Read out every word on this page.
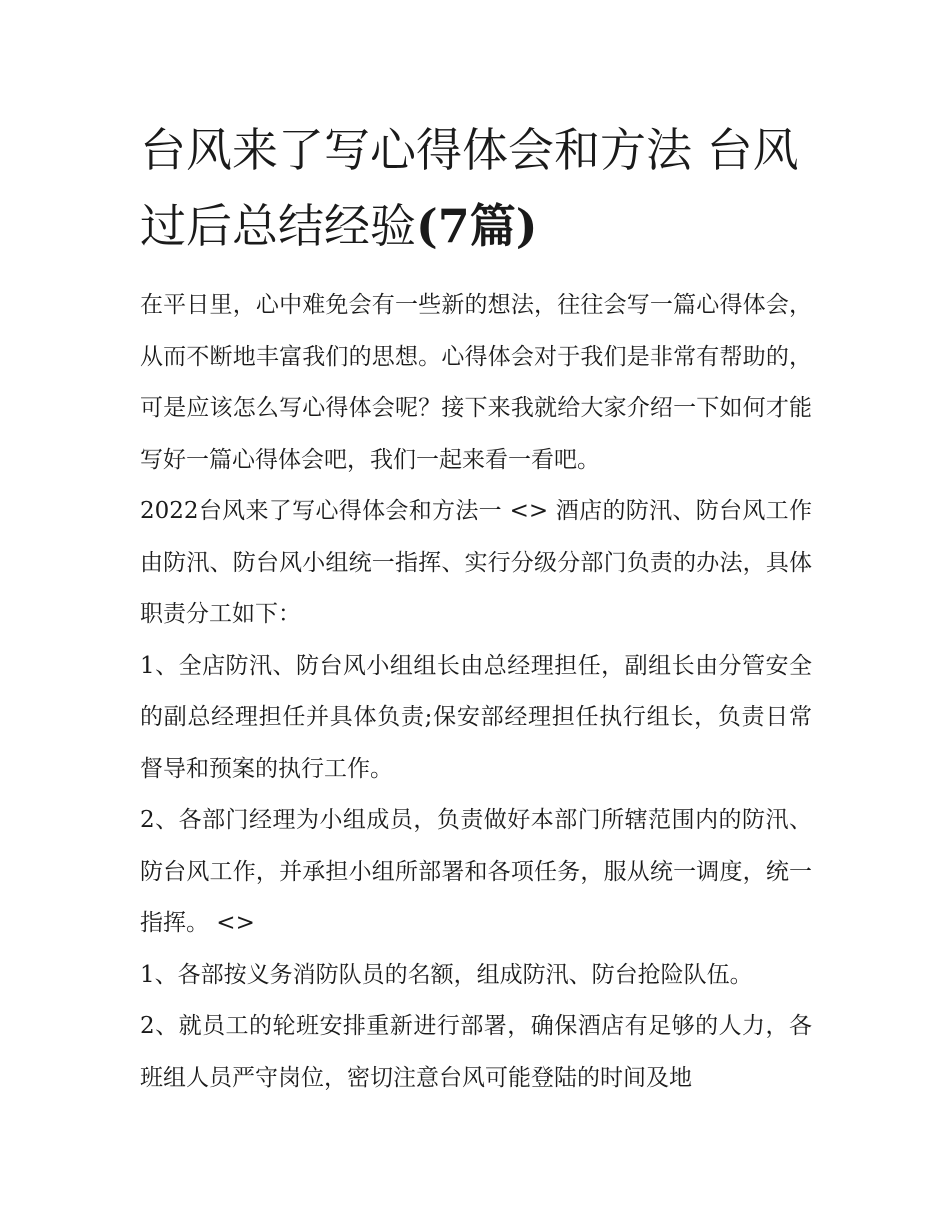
台风来了写心得体会和方法 台风过后总结经验(7篇)

在平日里，心中难免会有一些新的想法，往往会写一篇心得体会，从而不断地丰富我们的思想。心得体会对于我们是非常有帮助的，可是应该怎么写心得体会呢？接下来我就给大家介绍一下如何才能写好一篇心得体会吧，我们一起来看一看吧。

2022台风来了写心得体会和方法一 <> 酒店的防汛、防台风工作由防汛、防台风小组统一指挥、实行分级分部门负责的办法，具体职责分工如下：

1、全店防汛、防台风小组组长由总经理担任，副组长由分管安全的副总经理担任并具体负责;保安部经理担任执行组长，负责日常督导和预案的执行工作。

2、各部门经理为小组成员，负责做好本部门所辖范围内的防汛、防台风工作，并承担小组所部署和各项任务，服从统一调度，统一指挥。 <>

1、各部按义务消防队员的名额，组成防汛、防台抢险队伍。

2、就员工的轮班安排重新进行部署，确保酒店有足够的人力，各班组人员严守岗位，密切注意台风可能登陆的时间及地
